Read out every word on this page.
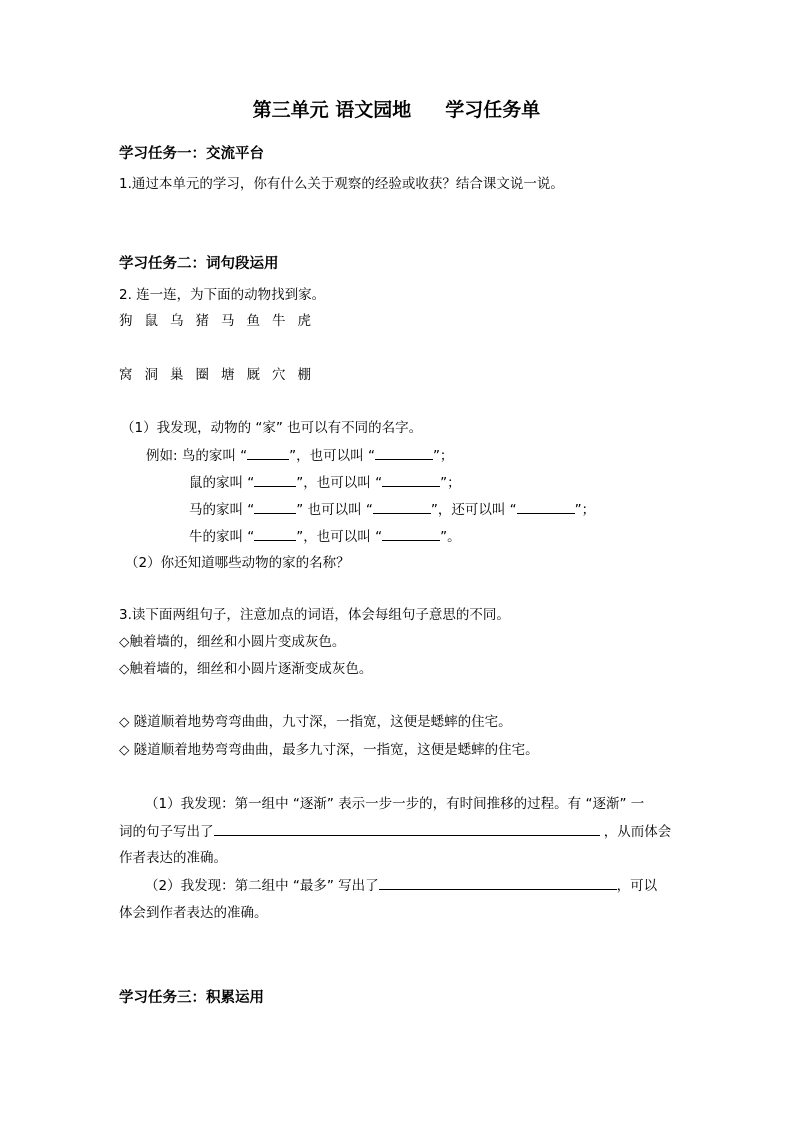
第三单元 语文园地 学习任务单
学习任务一：交流平台
1.通过本单元的学习，你有什么关于观察的经验或收获？结合课文说一说。
学习任务二：词句段运用
2. 连一连，为下面的动物找到家。
狗 鼠 乌 猪 马 鱼 牛 虎
窝 洞 巢 圈 塘 厩 穴 棚
（1）我发现，动物的 “家” 也可以有不同的名字。
例如: 鸟的家叫 “	”，也可以叫 “	”；
鼠的家叫 “	”，也可以叫 “	”；
马的家叫 “	” 也可以叫 “	”，还可以叫 “	”；
牛的家叫 “	”，也可以叫 “	”。
（2）你还知道哪些动物的家的名称？
3.读下面两组句子，注意加点的词语，体会每组句子意思的不同。
◇触着墙的，细丝和小圆片变成灰色。
◇触着墙的，细丝和小圆片逐渐变成灰色。
◇ 隧道顺着地势弯弯曲曲，九寸深，一指宽，这便是蟋蟀的住宅。
◇ 隧道顺着地势弯弯曲曲，最多九寸深，一指宽，这便是蟋蟀的住宅。
（1）我发现：第一组中 “逐渐” 表示一步一步的，有时间推移的过程。有 “逐渐” 一
词的句子写出了	，从而体会
作者表达的准确。
（2）我发现：第二组中 “最多” 写出了	，可以
体会到作者表达的准确。
学习任务三：积累运用
